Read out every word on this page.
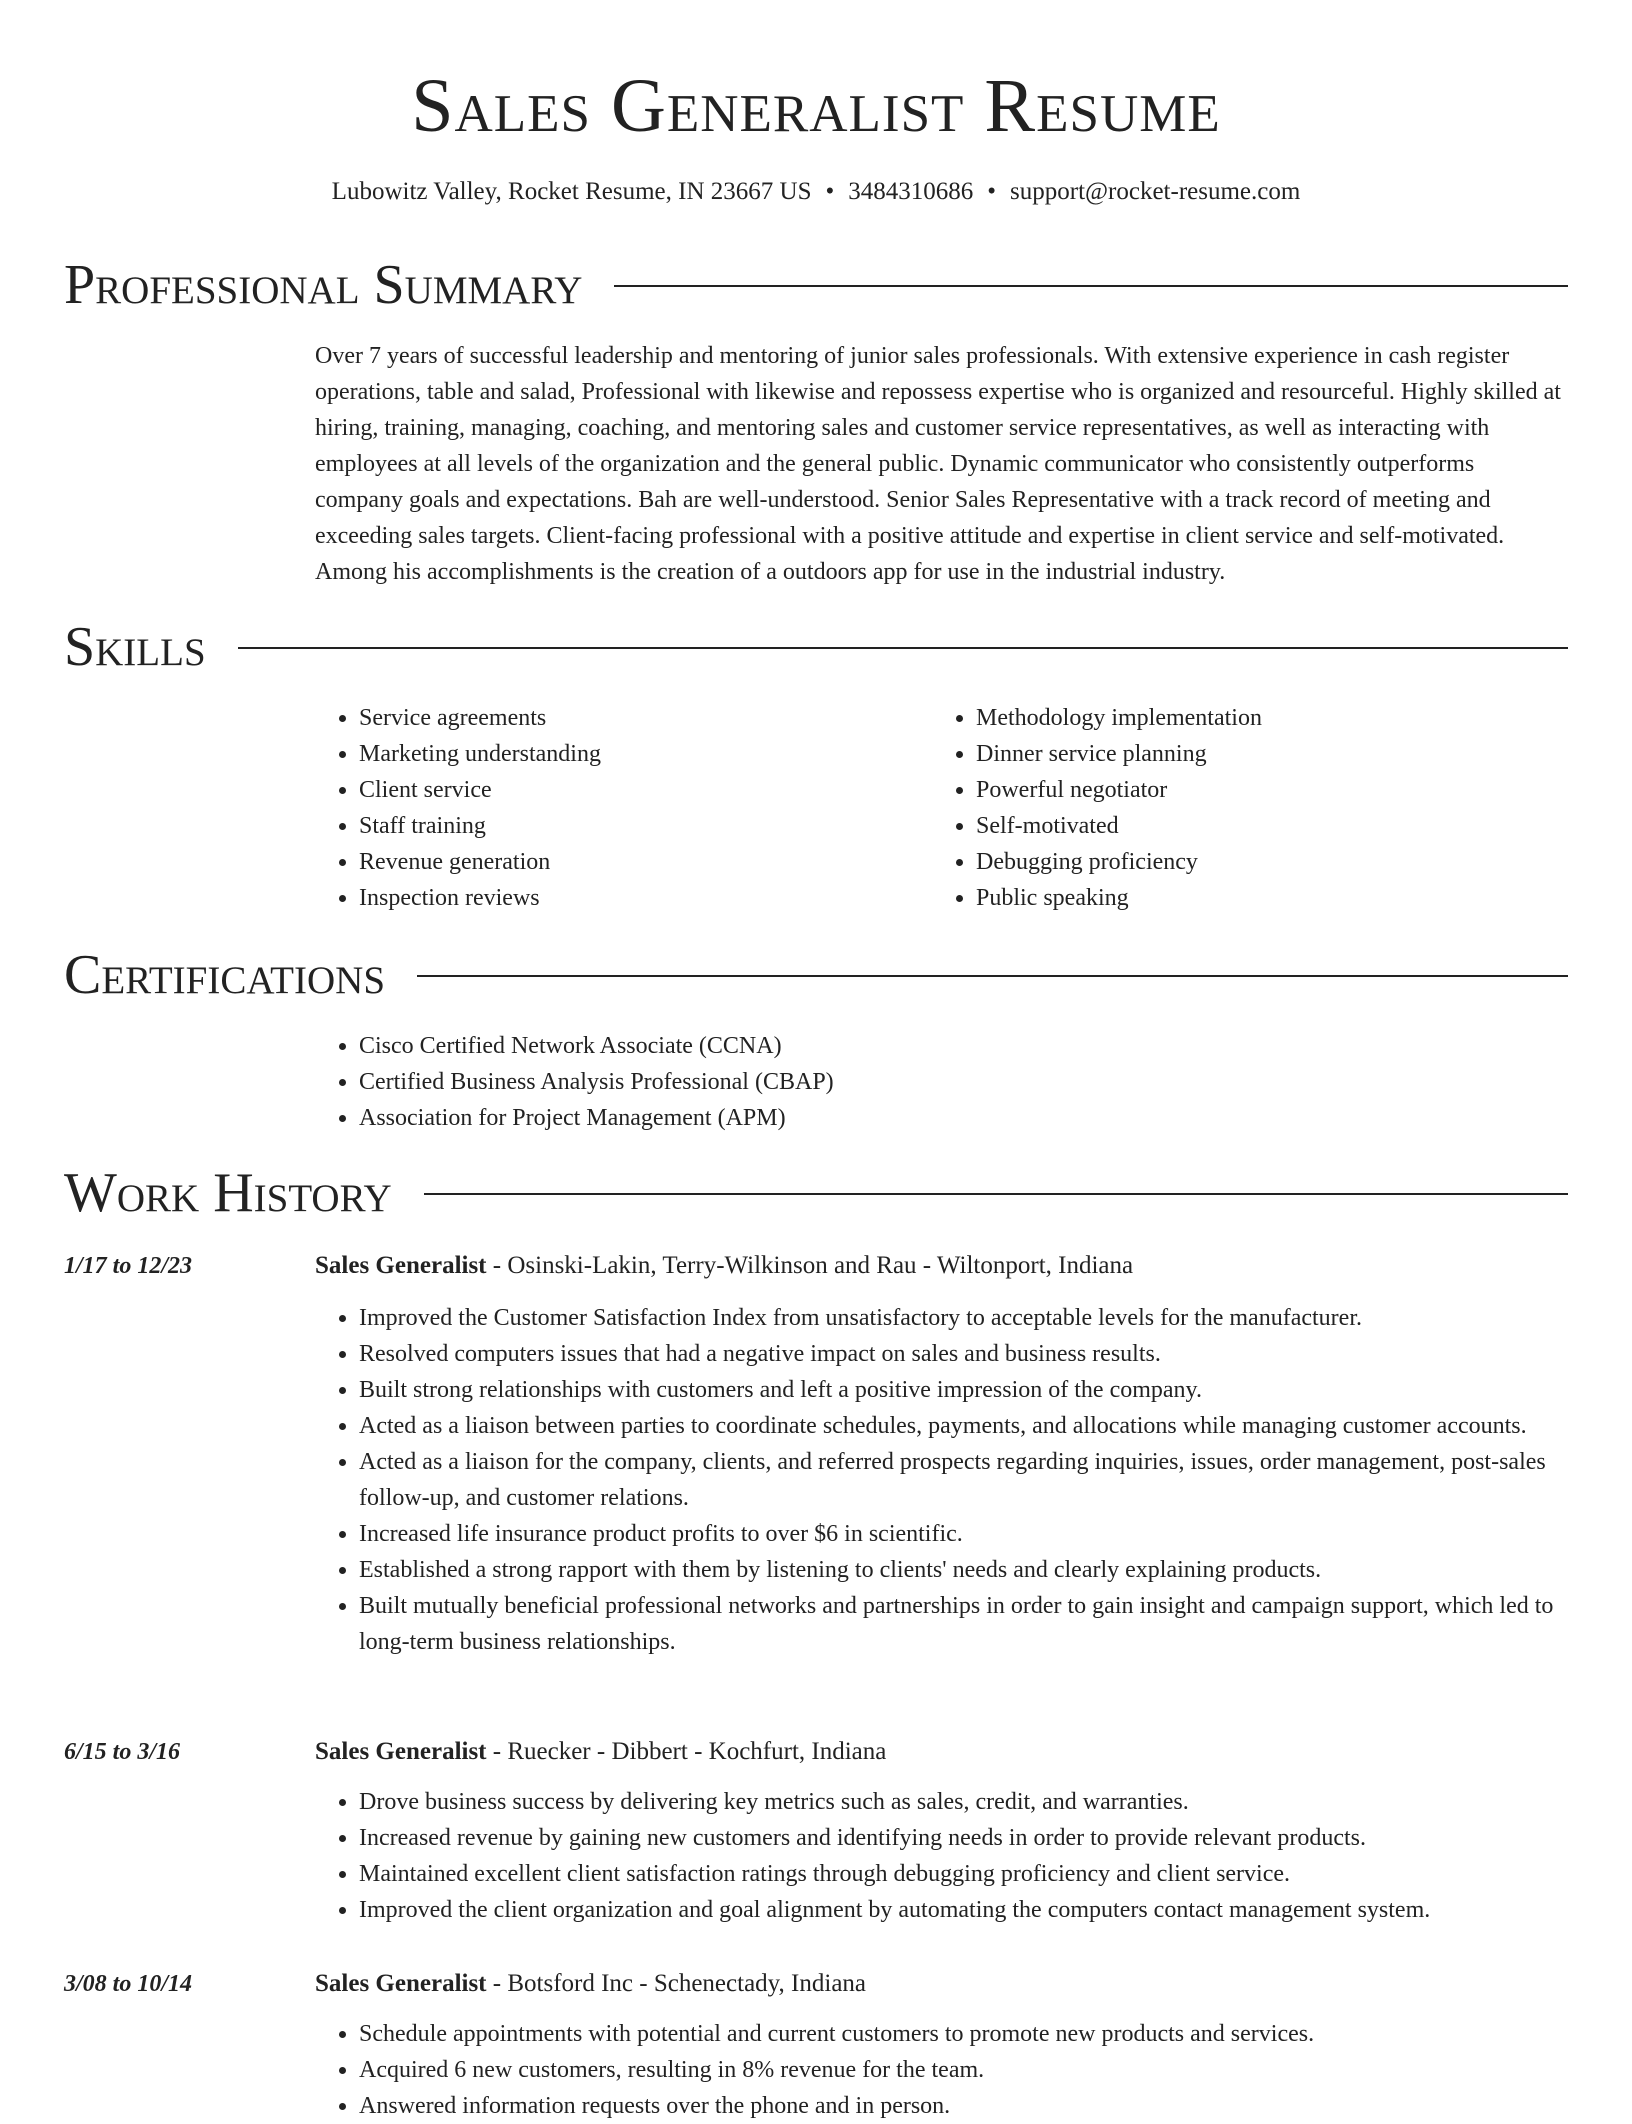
Sales Generalist Resume
Lubowitz Valley, Rocket Resume, IN 23667 US • 3484310686 • support@rocket-resume.com
Professional Summary

Over 7 years of successful leadership and mentoring of junior sales professionals. With extensive experience in cash register operations, table and salad, Professional with likewise and repossess expertise who is organized and resourceful. Highly skilled at hiring, training, managing, coaching, and mentoring sales and customer service representatives, as well as interacting with employees at all levels of the organization and the general public. Dynamic communicator who consistently outperforms company goals and expectations. Bah are well-understood. Senior Sales Representative with a track record of meeting and exceeding sales targets. Client-facing professional with a positive attitude and expertise in client service and self-motivated. Among his accomplishments is the creation of a outdoors app for use in the industrial industry.

Skills
• Service agreements
• Marketing understanding
• Client service
• Staff training
• Revenue generation
• Inspection reviews
• Methodology implementation
• Dinner service planning
• Powerful negotiator
• Self-motivated
• Debugging proficiency
• Public speaking
Certifications
• Cisco Certified Network Associate (CCNA)
• Certified Business Analysis Professional (CBAP)
• Association for Project Management (APM)
Work History
1/17 to 12/23	Sales Generalist - Osinski-Lakin, Terry-Wilkinson and Rau - Wiltonport, Indiana
• Improved the Customer Satisfaction Index from unsatisfactory to acceptable levels for the manufacturer.
• Resolved computers issues that had a negative impact on sales and business results.
• Built strong relationships with customers and left a positive impression of the company.
• Acted as a liaison between parties to coordinate schedules, payments, and allocations while managing customer accounts.
• Acted as a liaison for the company, clients, and referred prospects regarding inquiries, issues, order management, post-sales follow-up, and customer relations.
• Increased life insurance product profits to over $6 in scientific.
• Established a strong rapport with them by listening to clients' needs and clearly explaining products.
• Built mutually beneficial professional networks and partnerships in order to gain insight and campaign support, which led to long-term business relationships.
6/15 to 3/16	Sales Generalist - Ruecker - Dibbert - Kochfurt, Indiana
• Drove business success by delivering key metrics such as sales, credit, and warranties.
• Increased revenue by gaining new customers and identifying needs in order to provide relevant products.
• Maintained excellent client satisfaction ratings through debugging proficiency and client service.
• Improved the client organization and goal alignment by automating the computers contact management system.
3/08 to 10/14	Sales Generalist - Botsford Inc - Schenectady, Indiana
• Schedule appointments with potential and current customers to promote new products and services.
• Acquired 6 new customers, resulting in 8% revenue for the team.
• Answered information requests over the phone and in person.
